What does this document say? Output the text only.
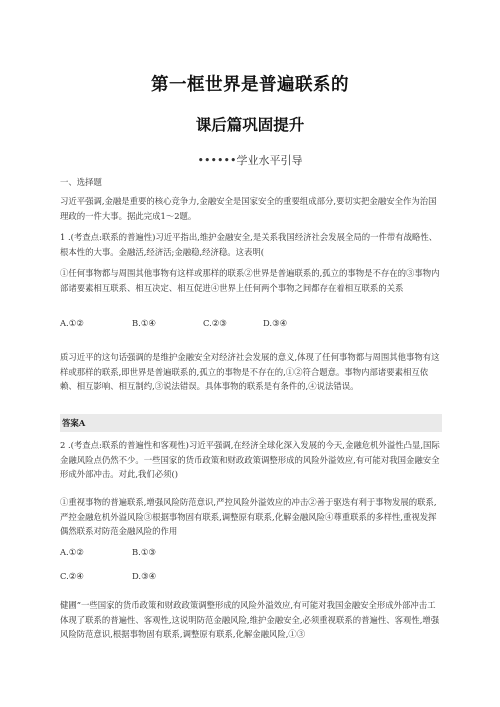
第一框世界是普遍联系的
课后篇巩固提升
••••••学业水平引导
一、选择题
习近平强调,金融是重要的核心竞争力,金融安全是国家安全的重要组成部分,要切实把金融安全作为治国理政的一件大事。据此完成1～2题。
1 .(考查点:联系的普遍性)习近平指出,维护金融安全,是关系我国经济社会发展全局的一件带有战略性、根本性的大事。金融活,经济活;金融稳,经济稳。这表明(
①任何事物都与周围其他事物有这样或那样的联系②世界是普遍联系的,孤立的事物是不存在的③事物内部诸要素相互联系、相互决定、相互促进④世界上任何两个事物之间都存在着相互联系的关系
A.①②	B.①④	C.②③	D.③④
质习近平的这句话强调的是维护金融安全对经济社会发展的意义,体现了任何事物都与周围其他事物有这样或那样的联系,即世界是普遍联系的,孤立的事物是不存在的,①②符合题意。事物内部诸要素相互依赖、相互影响、相互制约,③说法错误。具体事物的联系是有条件的,④说法错误。
答案A
2 .(考查点:联系的普遍性和客观性)习近平强调,在经济全球化深入发展的今天,金融危机外溢性凸显,国际金融风险点仍然不少。一些国家的货币政策和财政政策调整形成的风险外溢效应,有可能对我国金融安全形成外部冲击。对此,我们必须()
①重视事物的普遍联系,增强风险防范意识,严控风险外溢效应的冲击②善于驱迭有利于事物发展的联系,严控金融危机外溢风险③根据事物固有联系,调整原有联系,化解金融风险④尊重联系的多样性,重视发挥偶然联系对防范金融风险的作用
A.①②	B.①③
C.②④	D.③④
健圃”一些国家的货币政策和财政政策调整形成的风险外溢效应,有可能对我国金融安全形成外部冲击工体现了联系的普遍性、客观性,这说明防范金融风险,维护金融安全,必须重视联系的普遍性、客观性,增强风险防范意识,根据事物固有联系,调整原有联系,化解金融风险,①③
